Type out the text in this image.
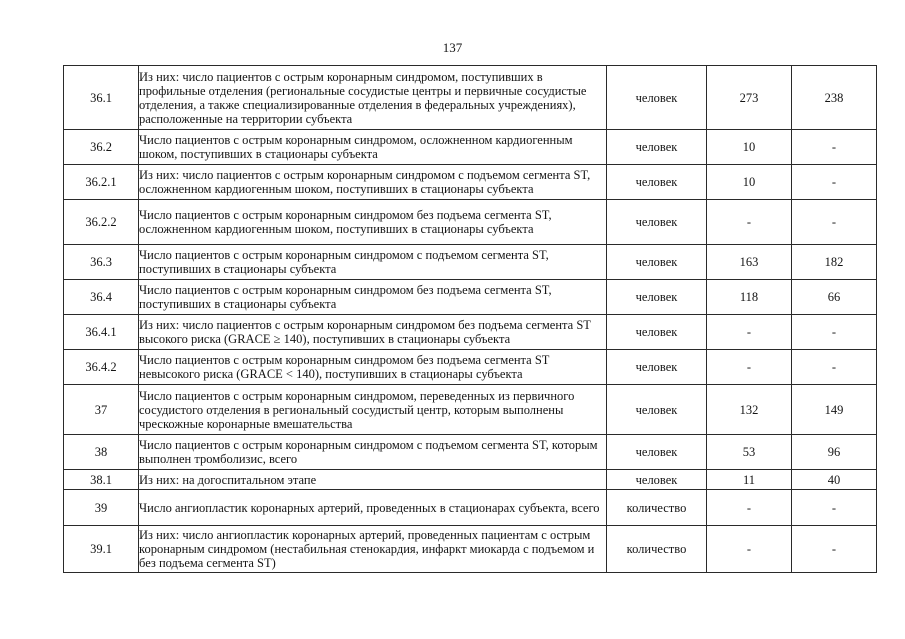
137
36.1	Из них: число пациентов с острым коронарным синдромом, поступивших в профильные отделения (региональные сосудистые центры и первичные сосудистые отделения, а также специализированные отделения в федеральных учреждениях), расположенные на территории субъекта	человек	273	238
36.2	Число пациентов с острым коронарным синдромом, осложненном кардиогенным шоком, поступивших в стационары субъекта	человек	10	-
36.2.1	Из них: число пациентов с острым коронарным синдромом с подъемом сегмента ST, осложненном кардиогенным шоком, поступивших в стационары субъекта	человек	10	-
36.2.2	Число пациентов с острым коронарным синдромом без подъема сегмента ST, осложненном кардиогенным шоком, поступивших в стационары субъекта	человек	-	-
36.3	Число пациентов с острым коронарным синдромом с подъемом сегмента ST, поступивших в стационары субъекта	человек	163	182
36.4	Число пациентов с острым коронарным синдромом без подъема сегмента ST, поступивших в стационары субъекта	человек	118	66
36.4.1	Из них: число пациентов с острым коронарным синдромом без подъема сегмента ST высокого риска (GRACE ≥ 140), поступивших в стационары субъекта	человек	-	-
36.4.2	Число пациентов с острым коронарным синдромом без подъема сегмента ST невысокого риска (GRACE < 140), поступивших в стационары субъекта	человек	-	-
37	Число пациентов с острым коронарным синдромом, переведенных из первичного сосудистого отделения в региональный сосудистый центр, которым выполнены чрескожные коронарные вмешательства	человек	132	149
38	Число пациентов с острым коронарным синдромом с подъемом сегмента ST, которым выполнен тромболизис, всего	человек	53	96
38.1	Из них: на догоспитальном этапе	человек	11	40
39	Число ангиопластик коронарных артерий, проведенных в стационарах субъекта, всего	количество	-	-
39.1	Из них: число ангиопластик коронарных артерий, проведенных пациентам с острым коронарным синдромом (нестабильная стенокардия, инфаркт миокарда с подъемом и без подъема сегмента ST)	количество	-	-
